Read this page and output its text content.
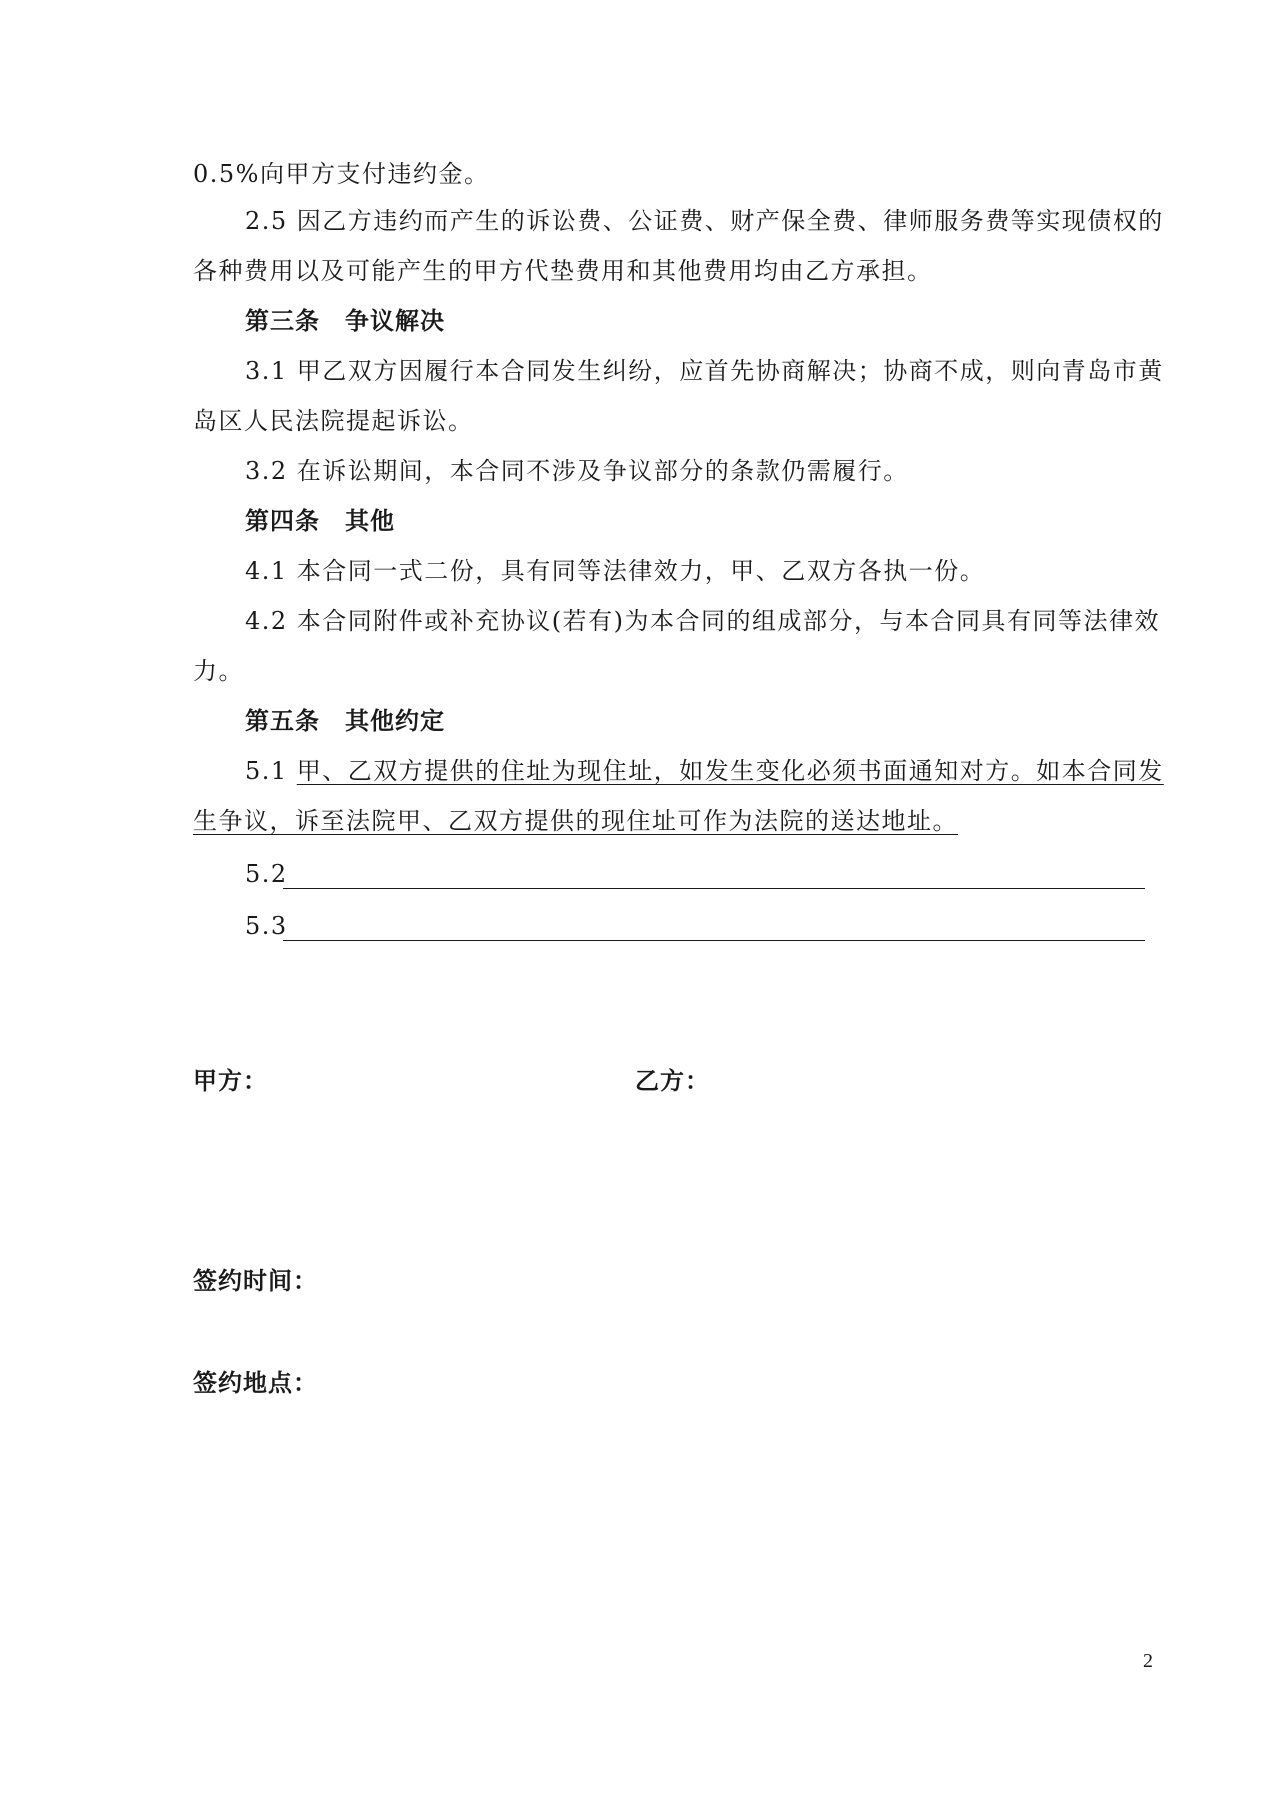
0.5%向甲方支付违约金。
2.5 因乙方违约而产生的诉讼费、公证费、财产保全费、律师服务费等实现债权的
各种费用以及可能产生的甲方代垫费用和其他费用均由乙方承担。
第三条　争议解决
3.1 甲乙双方因履行本合同发生纠纷，应首先协商解决；协商不成，则向青岛市黄
岛区人民法院提起诉讼。
3.2 在诉讼期间，本合同不涉及争议部分的条款仍需履行。
第四条　其他
4.1 本合同一式二份，具有同等法律效力，甲、乙双方各执一份。
4.2 本合同附件或补充协议(若有)为本合同的组成部分，与本合同具有同等法律效
力。
第五条　其他约定
5.1 甲、乙双方提供的住址为现住址，如发生变化必须书面通知对方。如本合同发
生争议，诉至法院甲、乙双方提供的现住址可作为法院的送达地址。
5.2
5.3
甲方：	乙方：
签约时间：
签约地点：
2
